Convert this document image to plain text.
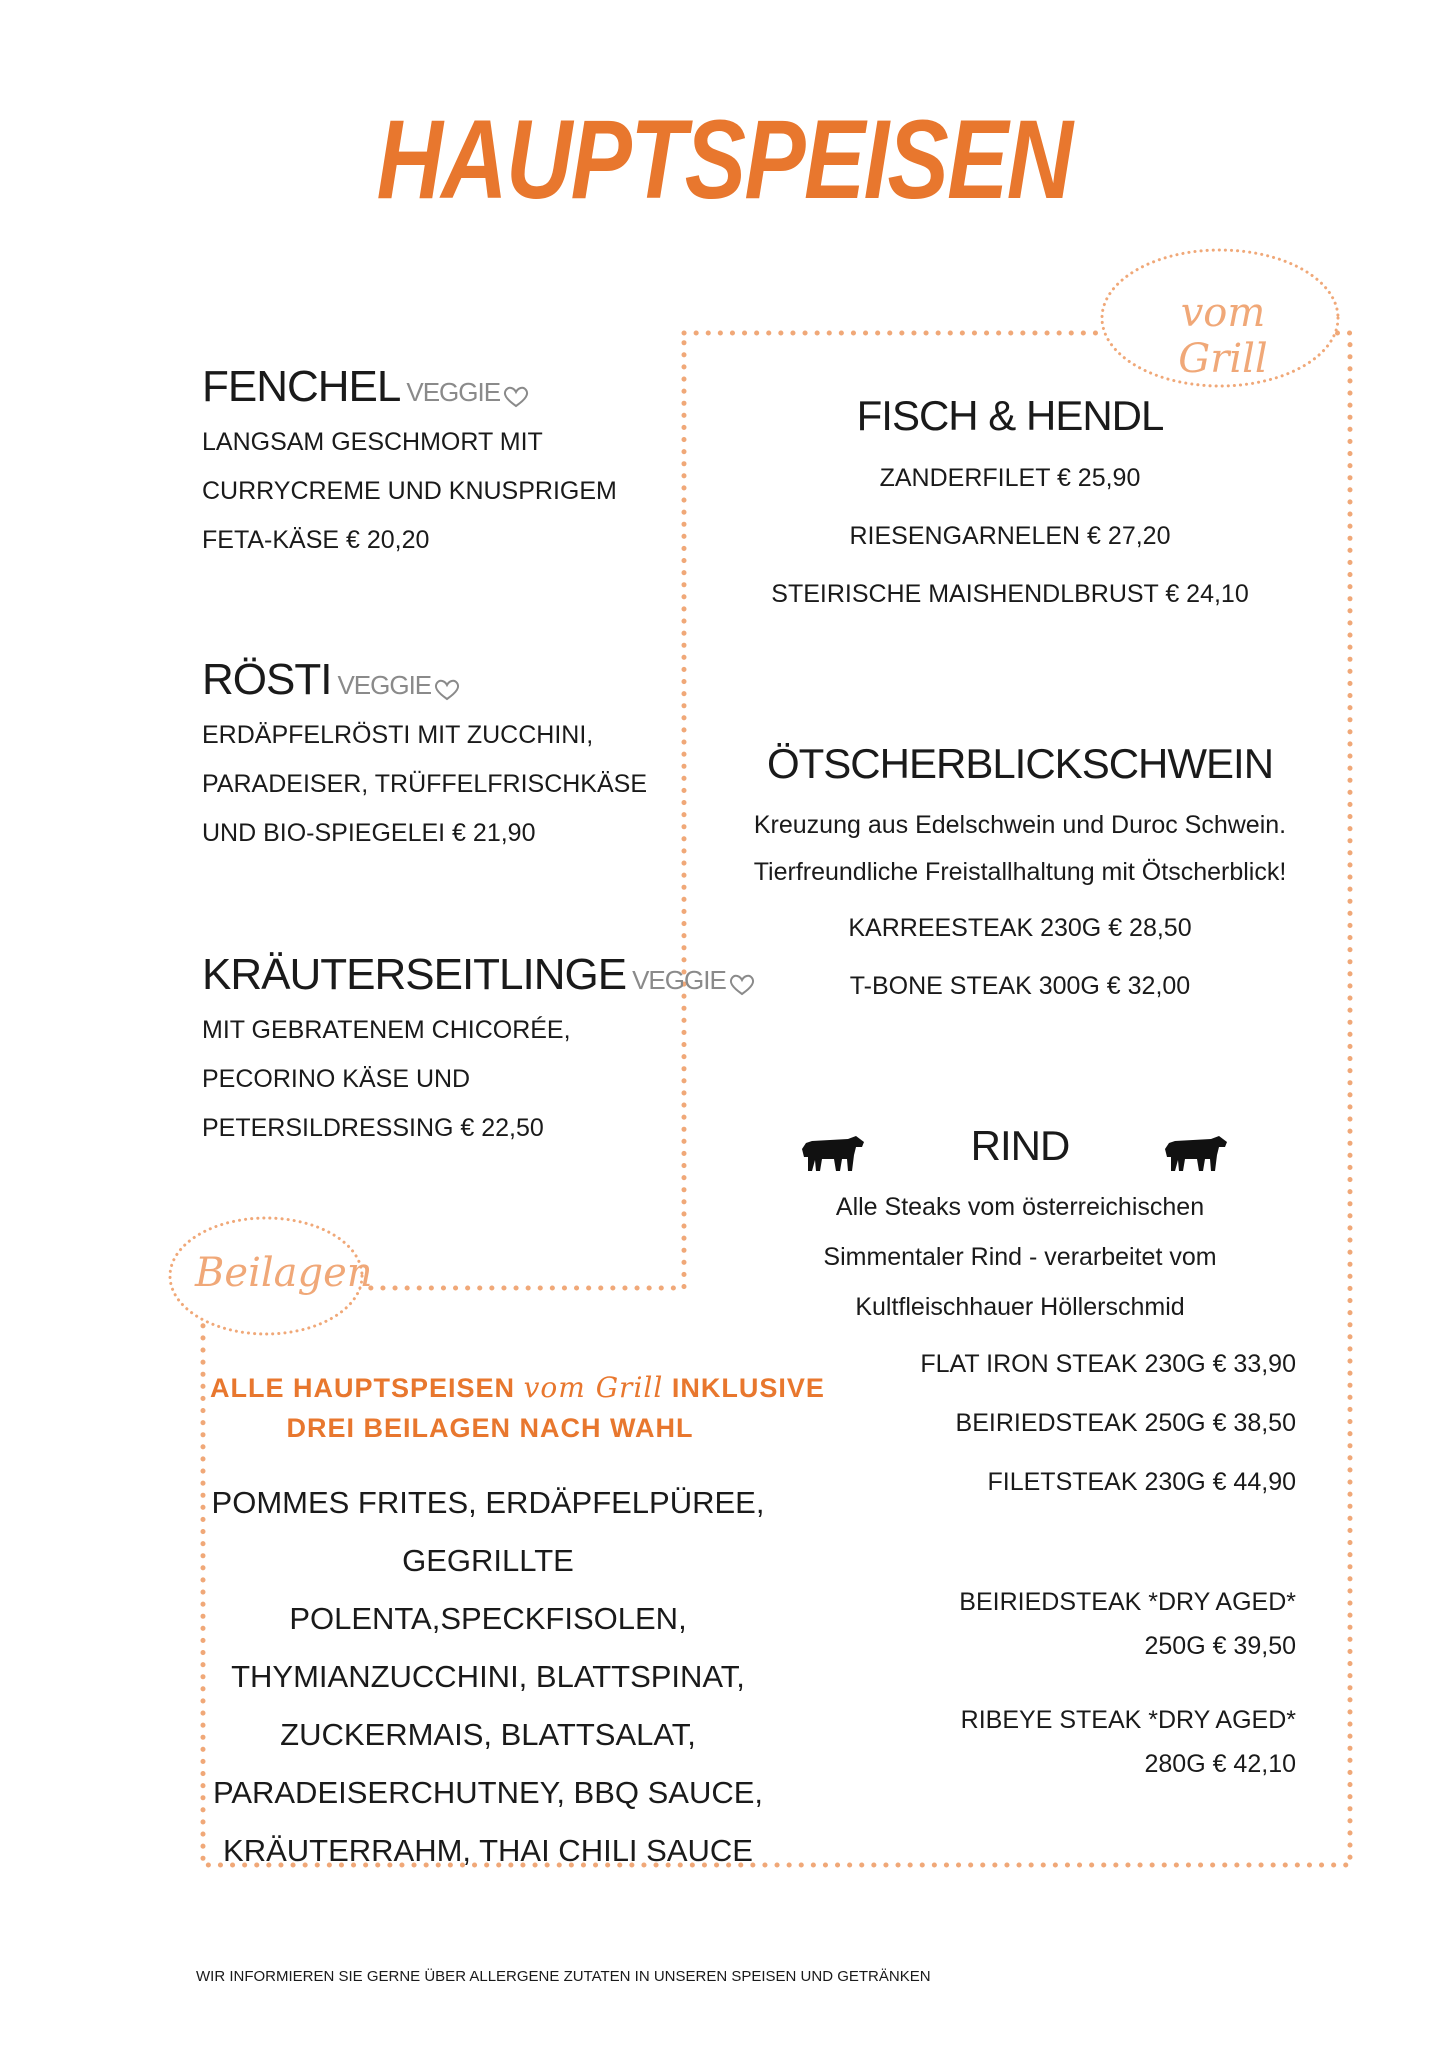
HAUPTSPEISEN
vom Grill
Beilagen
FENCHEL VEGGIE
LANGSAM GESCHMORT MIT
CURRYCREME UND KNUSPRIGEM
FETA-KÄSE € 20,20
RÖSTI VEGGIE
ERDÄPFELRÖSTI MIT ZUCCHINI,
PARADEISER, TRÜFFELFRISCHKÄSE
UND BIO-SPIEGELEI € 21,90
KRÄUTERSEITLINGE VEGGIE
MIT GEBRATENEM CHICORÉE,
PECORINO KÄSE UND
PETERSILDRESSING € 22,50
FISCH & HENDL
ZANDERFILET € 25,90
RIESENGARNELEN € 27,20
STEIRISCHE MAISHENDLBRUST € 24,10
ÖTSCHERBLICKSCHWEIN
Kreuzung aus Edelschwein und Duroc Schwein.
Tierfreundliche Freistallhaltung mit Ötscherblick!
KARREESTEAK 230G € 28,50
T-BONE STEAK 300G € 32,00
RIND
Alle Steaks vom österreichischen
Simmentaler Rind - verarbeitet vom
Kultfleischhauer Höllerschmid
FLAT IRON STEAK 230G € 33,90
BEIRIEDSTEAK 250G € 38,50
FILETSTEAK 230G € 44,90
BEIRIEDSTEAK *DRY AGED*
250G € 39,50
RIBEYE STEAK *DRY AGED*
280G € 42,10
ALLE HAUPTSPEISEN vom Grill INKLUSIVE
DREI BEILAGEN NACH WAHL
POMMES FRITES, ERDÄPFELPÜREE,
GEGRILLTE POLENTA,SPECKFISOLEN,
THYMIANZUCCHINI, BLATTSPINAT,
ZUCKERMAIS, BLATTSALAT,
PARADEISERCHUTNEY, BBQ SAUCE,
KRÄUTERRAHM, THAI CHILI SAUCE
WIR INFORMIEREN SIE GERNE ÜBER ALLERGENE ZUTATEN IN UNSEREN SPEISEN UND GETRÄNKEN
